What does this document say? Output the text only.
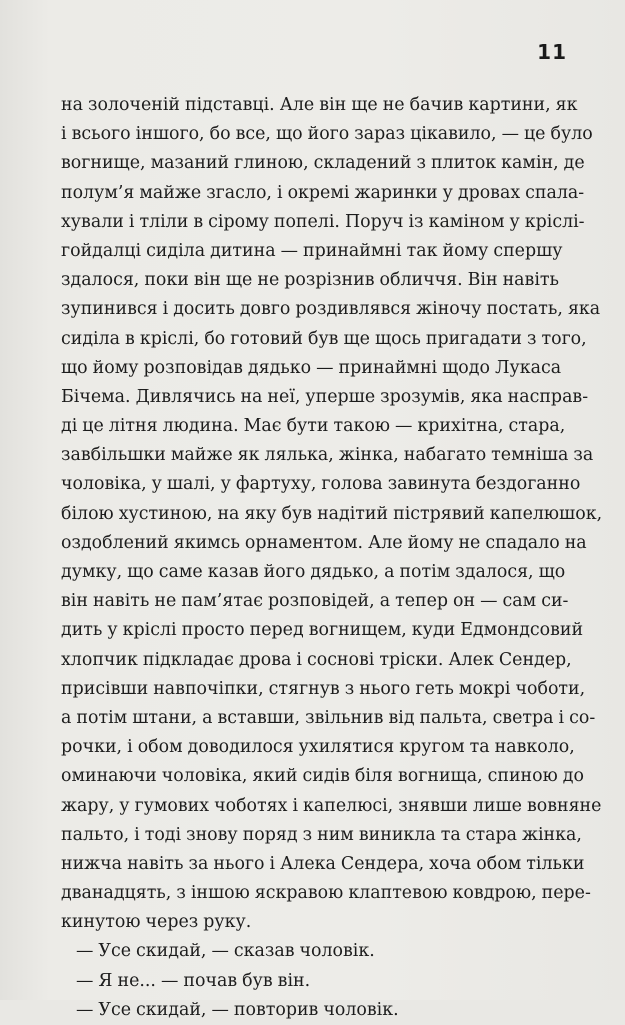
11
на золоченій підставці. Але він ще не бачив картини, як
і всього іншого, бо все, що його зараз цікавило, — це було
вогнище, мазаний глиною, складений з плиток камін, де
полум’я майже згасло, і окремі жаринки у дровах спала-
хували і тліли в сірому попелі. Поруч із каміном у кріслі-
гойдалці сиділа дитина — принаймні так йому спершу
здалося, поки він ще не розрізнив обличчя. Він навіть
зупинився і досить довго роздивлявся жіночу постать, яка
сиділа в кріслі, бо готовий був ще щось пригадати з того,
що йому розповідав дядько — принаймні щодо Лукаса
Бічема. Дивлячись на неї, уперше зрозумів, яка насправ-
ді це літня людина. Має бути такою — крихітна, стара,
завбільшки майже як лялька, жінка, набагато темніша за
чоловіка, у шалі, у фартуху, голова завинута бездоганно
білою хустиною, на яку був надітий пістрявий капелюшок,
оздоблений якимсь орнаментом. Але йому не спадало на
думку, що саме казав його дядько, а потім здалося, що
він навіть не пам’ятає розповідей, а тепер он — сам си-
дить у кріслі просто перед вогнищем, куди Едмондсовий
хлопчик підкладає дрова і соснові тріски. Алек Сендер,
присівши навпочіпки, стягнув з нього геть мокрі чоботи,
а потім штани, а вставши, звільнив від пальта, светра і со-
рочки, і обом доводилося ухилятися кругом та навколо,
оминаючи чоловіка, який сидів біля вогнища, спиною до
жару, у гумових чоботях і капелюсі, знявши лише вовняне
пальто, і тоді знову поряд з ним виникла та стара жінка,
нижча навіть за нього і Алека Сендера, хоча обом тільки
дванадцять, з іншою яскравою клаптевою ковдрою, пере-
кинутою через руку.
— Усе скидай, — сказав чоловік.
— Я не... — почав був він.
— Усе скидай, — повторив чоловік.
